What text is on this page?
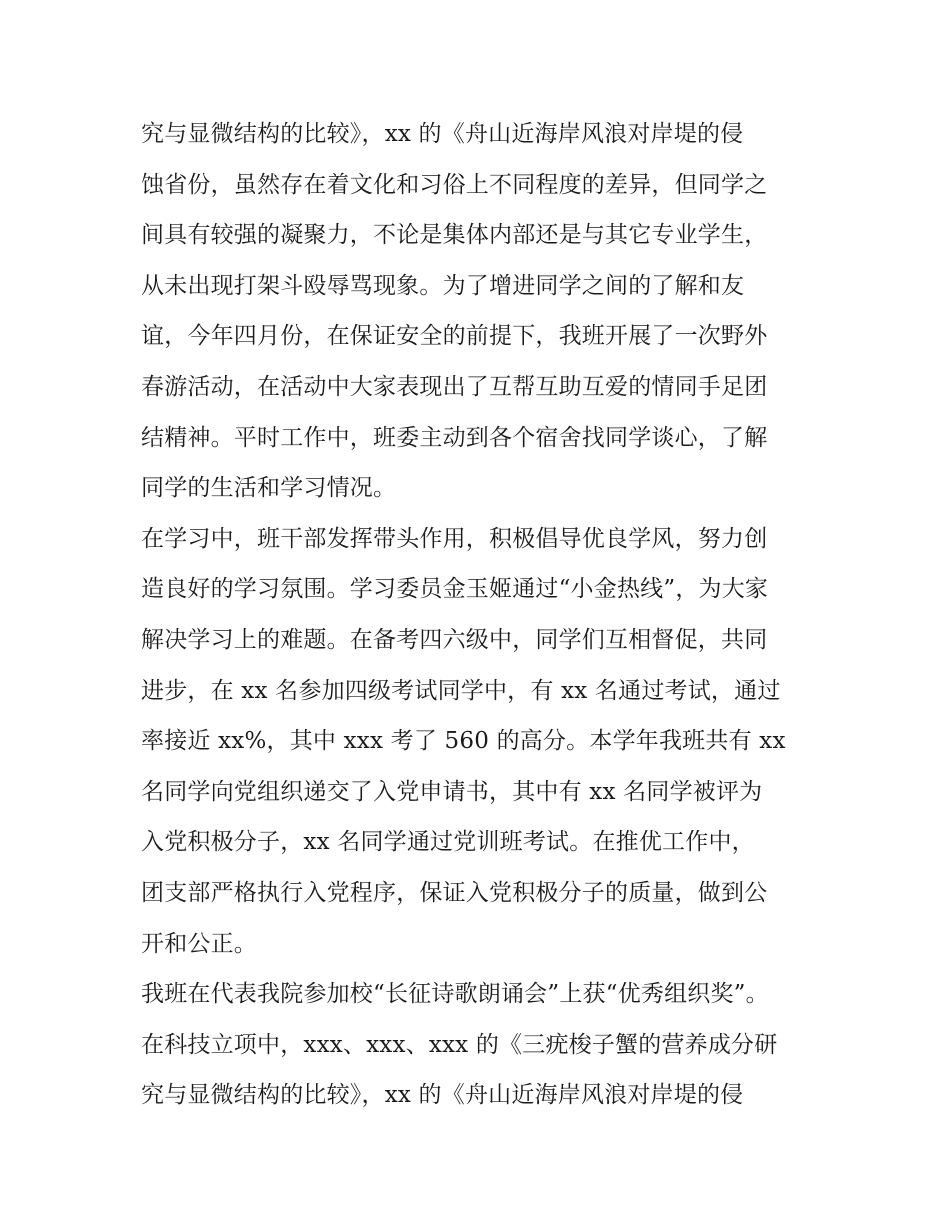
究与显微结构的比较》，xx 的《舟山近海岸风浪对岸堤的侵
蚀省份，虽然存在着文化和习俗上不同程度的差异，但同学之
间具有较强的凝聚力，不论是集体内部还是与其它专业学生，
从未出现打架斗殴辱骂现象。为了增进同学之间的了解和友
谊，今年四月份，在保证安全的前提下，我班开展了一次野外
春游活动，在活动中大家表现出了互帮互助互爱的情同手足团
结精神。平时工作中，班委主动到各个宿舍找同学谈心，了解
同学的生活和学习情况。
在学习中，班干部发挥带头作用，积极倡导优良学风，努力创
造良好的学习氛围。学习委员金玉姬通过“小金热线”，为大家
解决学习上的难题。在备考四六级中，同学们互相督促，共同
进步，在 xx 名参加四级考试同学中，有 xx 名通过考试，通过
率接近 xx%，其中 xxx 考了 560 的高分。本学年我班共有 xx
名同学向党组织递交了入党申请书，其中有 xx 名同学被评为
入党积极分子，xx 名同学通过党训班考试。在推优工作中，
团支部严格执行入党程序，保证入党积极分子的质量，做到公
开和公正。
我班在代表我院参加校“长征诗歌朗诵会”上获“优秀组织奖”。
在科技立项中，xxx、xxx、xxx 的《三疣梭子蟹的营养成分研
究与显微结构的比较》，xx 的《舟山近海岸风浪对岸堤的侵
